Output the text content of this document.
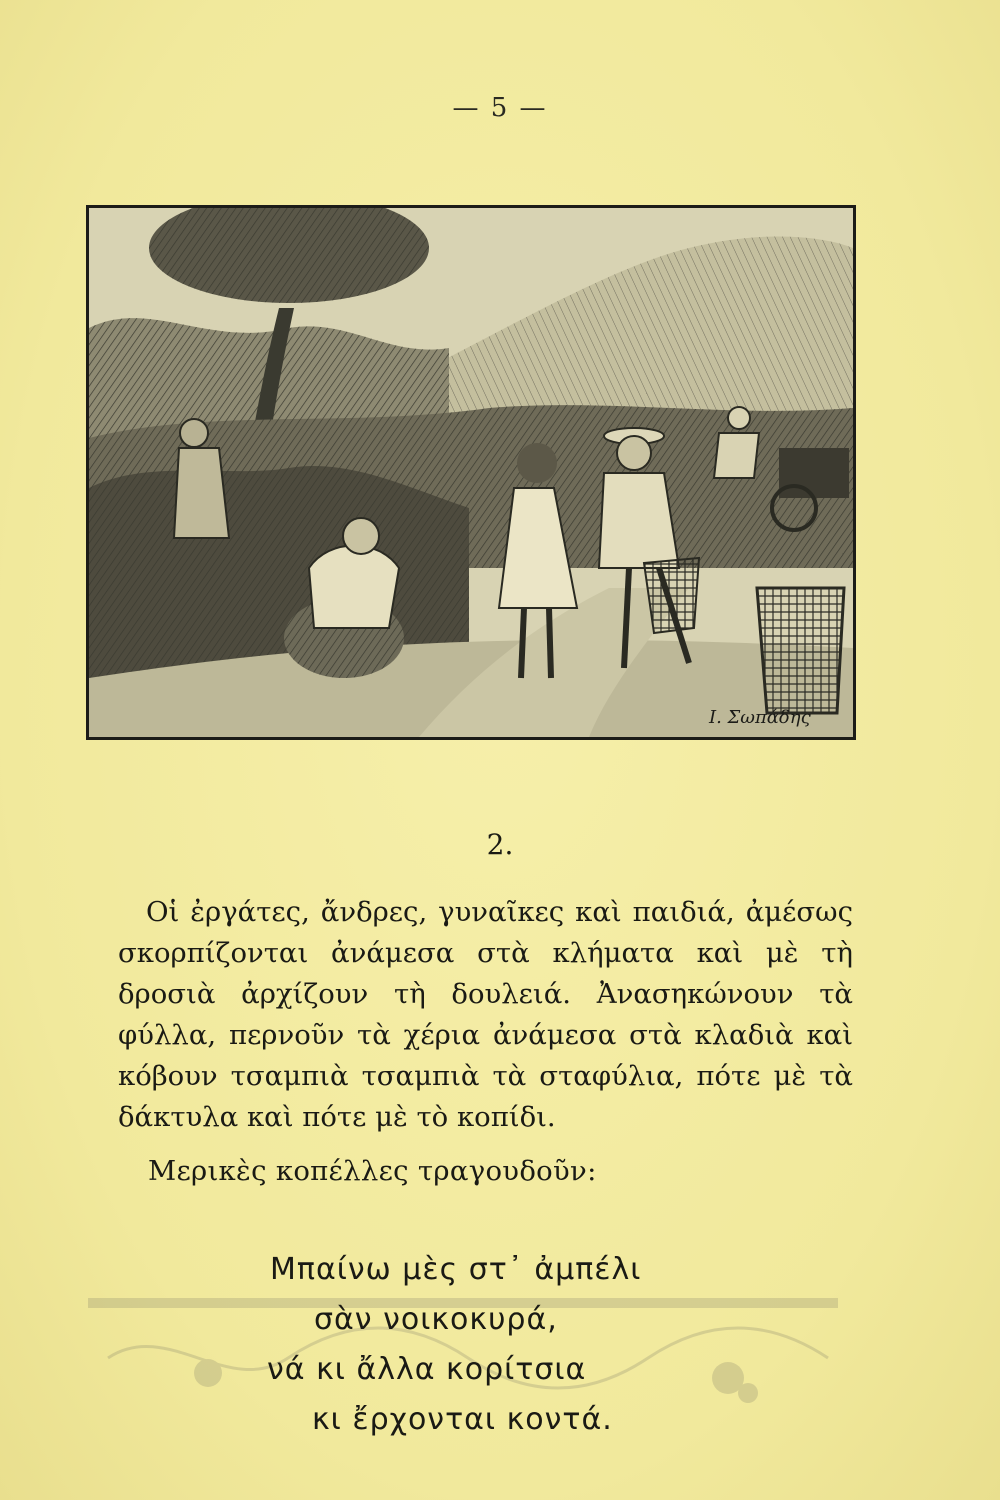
— 5 —
I. Σωπάδης
2.
Οἱ ἐργάτες, ἄνδρες, γυναῖκες καὶ παιδιά, ἀμέσως σκορπίζονται ἀνάμεσα στὰ κλήματα καὶ μὲ τὴ δροσιὰ ἀρχίζουν τὴ δουλειά. Ἀνασηκώνουν τὰ φύλλα, περνοῦν τὰ χέρια ἀνάμεσα στὰ κλαδιὰ καὶ κόβουν τσαμπιὰ τσαμπιὰ τὰ σταφύλια, πότε μὲ τὰ δάκτυλα καὶ πότε μὲ τὸ κοπίδι.
Μερικὲς κοπέλλες τραγουδοῦν:
Μπαίνω μὲς στ᾽ ἀμπέλι
σὰν νοικοκυρά,
νά κι ἄλλα κορίτσια
κι ἔρχονται κοντά.
